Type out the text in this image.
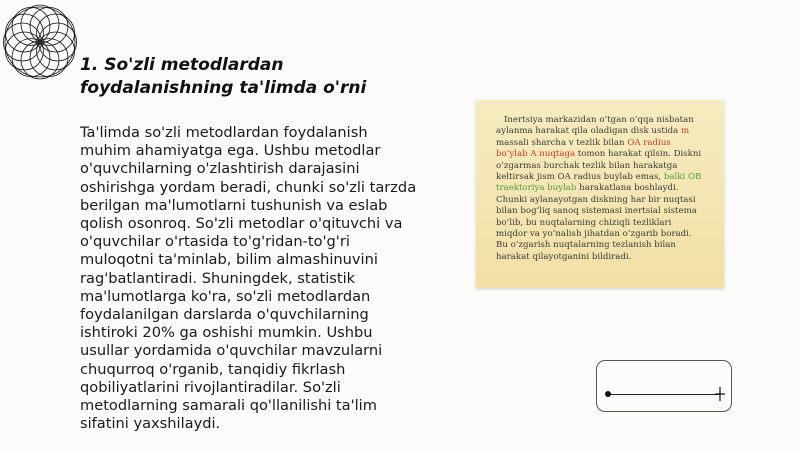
1. So'zli metodlardan foydalanishning ta'limda o'rni

Ta'limda so'zli metodlardan foydalanish muhim ahamiyatga ega. Ushbu metodlar o'quvchilarning o'zlashtirish darajasini oshirishga yordam beradi, chunki so'zli tarzda berilgan ma'lumotlarni tushunish va eslab qolish osonroq. So'zli metodlar o'qituvchi va o'quvchilar o'rtasida to'g'ridan-to'g'ri muloqotni ta'minlab, bilim almashinuvini rag'batlantiradi. Shuningdek, statistik ma'lumotlarga ko'ra, so'zli metodlardan foydalanilgan darslarda o'quvchilarning ishtiroki 20% ga oshishi mumkin. Ushbu usullar yordamida o'quvchilar mavzularni chuqurroq o'rganib, tanqidiy fikrlash qobiliyatlarini rivojlantiradilar. So'zli metodlarning samarali qo'llanilishi ta'lim sifatini yaxshilaydi.

Inertsiya markazidan o’tgan o’qqa nisbatan aylanma harakat qila oladigan disk ustida m massali sharcha v tezlik bilan OA radius bo’ylab A nuqtaga tomon harakat qilsin. Diskni o’zgarmas burchak tezlik bilan harakatga keltirsak jism OA radius buylab emas, balki OB traektoriya buylab harakatlana boshlaydi. Chunki aylanayotgan diskning har bir nuqtasi bilan bog’liq sanoq sistemasi inertsial sistema bo’lib, bu nuqtalarning chiziqli tezliklari miqdor va yo’nalish jihatdan o’zgarib boradi. Bu o’zgarish nuqtalarning tezlanish bilan harakat qilayotganini bildiradi.
